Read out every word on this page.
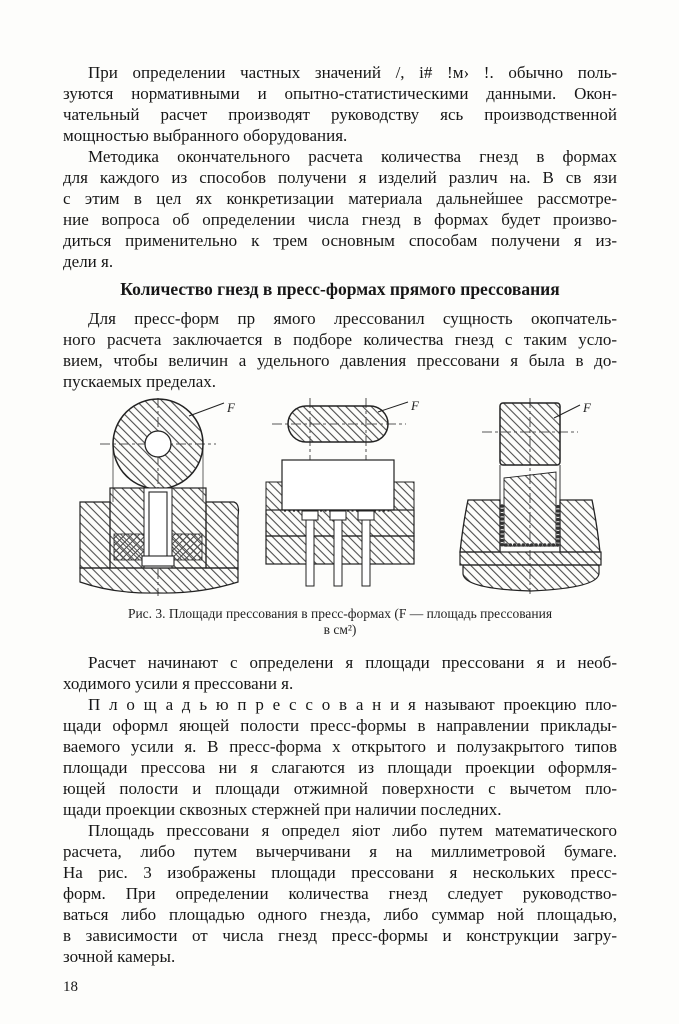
При определении частных значений /, i# !м› !. обычно поль-
зуются нормативными и опытно-статистическими данными. Окон-
чательный расчет производят руководству ясь производственной
мощностью выбранного оборудования.
Методика окончательного расчета количества гнезд в формах
для каждого из способов получени я изделий различ на. В св язи
с этим в цел ях конкретизации материала дальнейшее рассмотре-
ние вопроса об определении числа гнезд в формах будет произво-
диться применительно к трем основным способам получени я из-
дели я.
Количество гнезд в пресс-формах прямого прессования
Для пресс-форм пр ямого лрессованил сущность окопчатель-
ного расчета заключается в подборе количества гнезд с таким усло-
вием, чтобы величин а удельного давления прессовани я была в до-
пускаемых пределах.
F	F	F
Рис. 3. Площади прессования в пресс-формах (F — площадь прессования
в см²)
Расчет начинают с определени я площади прессовани я и необ-
ходимого усили я прессовани я.
П л о щ а д ь ю п р е с с о в а н и я называют проекцию пло-
щади оформл яющей полости пресс-формы в направлении приклады-
ваемого усили я. В пресс-форма х открытого и полузакрытого типов
площади прессова ни я слагаются из площади проекции оформля-
ющей полости и площади отжимной поверхности с вычетом пло-
щади проекции сквозных стержней при наличии последних.
Площадь прессовани я определ яіот либо путем математического
расчета, либо путем вычерчивани я на миллиметровой бумаге.
На рис. 3 изображены площади прессовани я нескольких пресс-
форм. При определении количества гнезд следует руководство-
ваться либо площадью одного гнезда, либо суммар ной площадью,
в зависимости от числа гнезд пресс-формы и конструкции загру-
зочной камеры.
18
